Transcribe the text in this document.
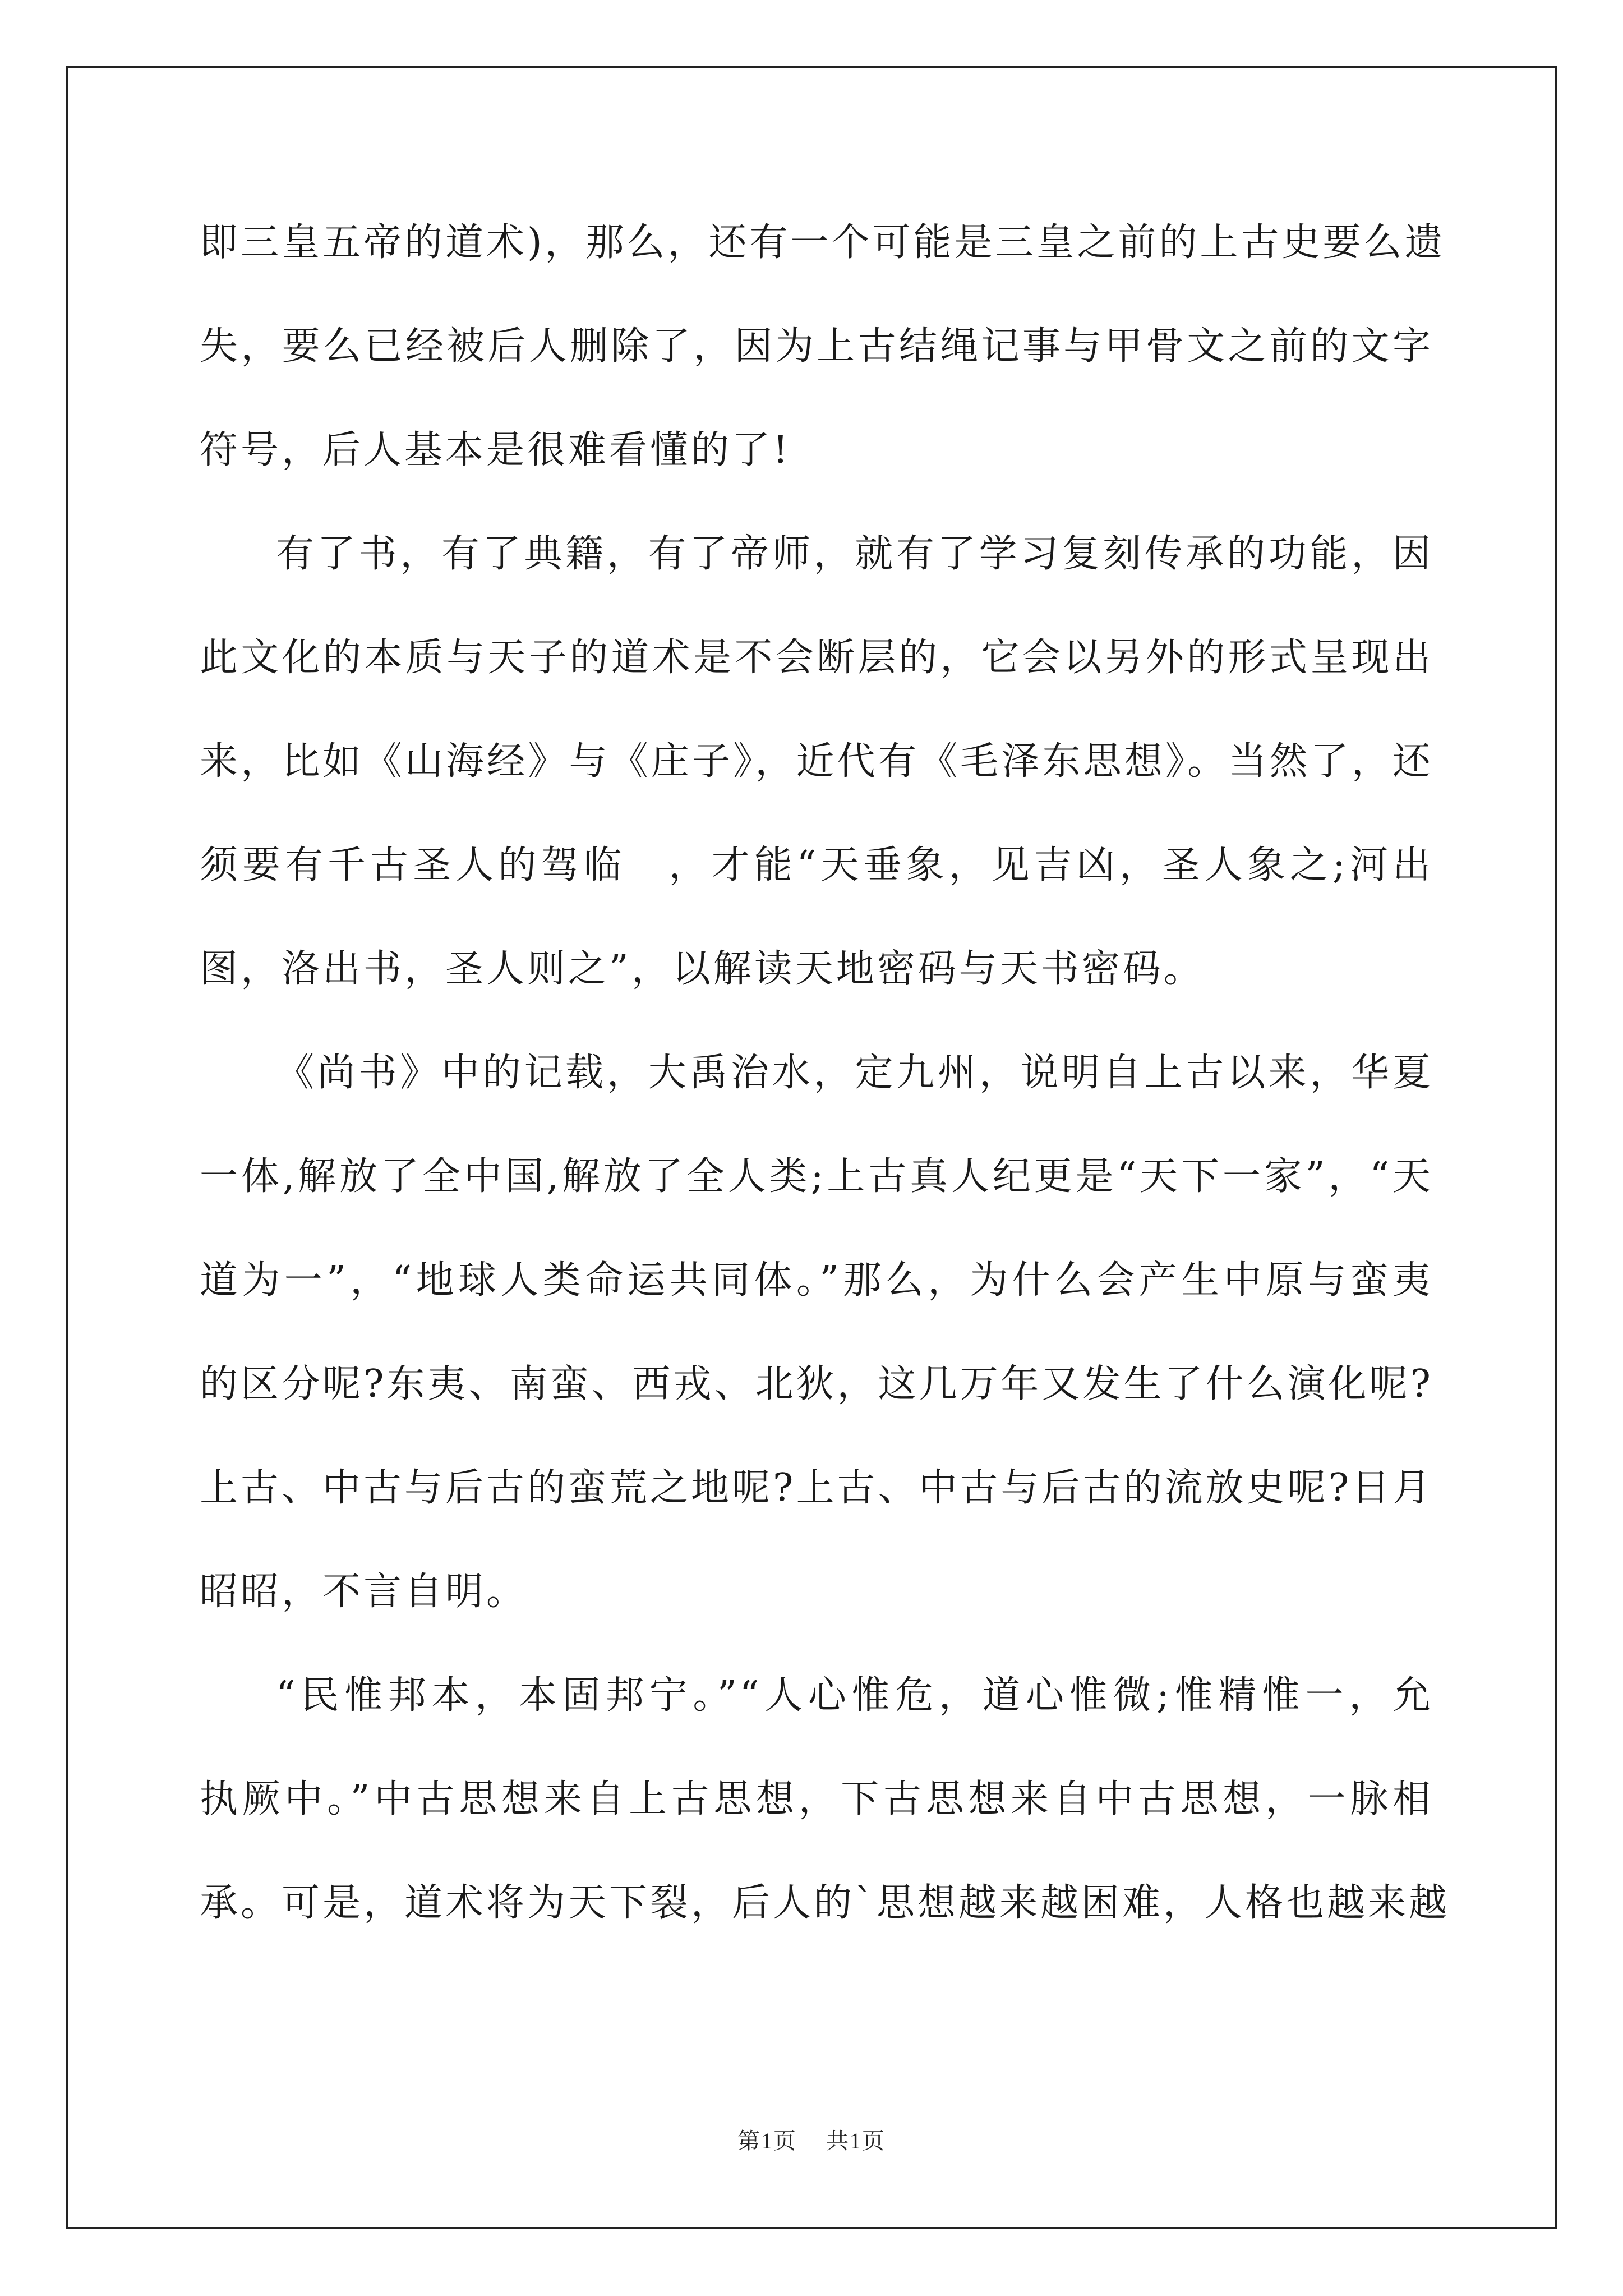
即三皇五帝的道术)，那么，还有一个可能是三皇之前的上古史要么遗
失，要么已经被后人删除了，因为上古结绳记事与甲骨文之前的文字
符号，后人基本是很难看懂的了!
有了书，有了典籍，有了帝师，就有了学习复刻传承的功能，因
此文化的本质与天子的道术是不会断层的，它会以另外的形式呈现出
来，比如《山海经》与《庄子》，近代有《毛泽东思想》。当然了，还
须要有千古圣人的驾临　，才能“天垂象，见吉凶，圣人象之;河出
图，洛出书，圣人则之”，以解读天地密码与天书密码。
《尚书》中的记载，大禹治水，定九州，说明自上古以来，华夏
一体,解放了全中国,解放了全人类;上古真人纪更是“天下一家”，“天
道为一”，“地球人类命运共同体。”那么，为什么会产生中原与蛮夷
的区分呢?东夷、南蛮、西戎、北狄，这几万年又发生了什么演化呢?
上古、中古与后古的蛮荒之地呢?上古、中古与后古的流放史呢?日月
昭昭，不言自明。
“民惟邦本，本固邦宁。”“人心惟危，道心惟微;惟精惟一，允
执厥中。”中古思想来自上古思想，下古思想来自中古思想，一脉相
承。可是，道术将为天下裂，后人的`思想越来越困难，人格也越来越
第1页 共1页
